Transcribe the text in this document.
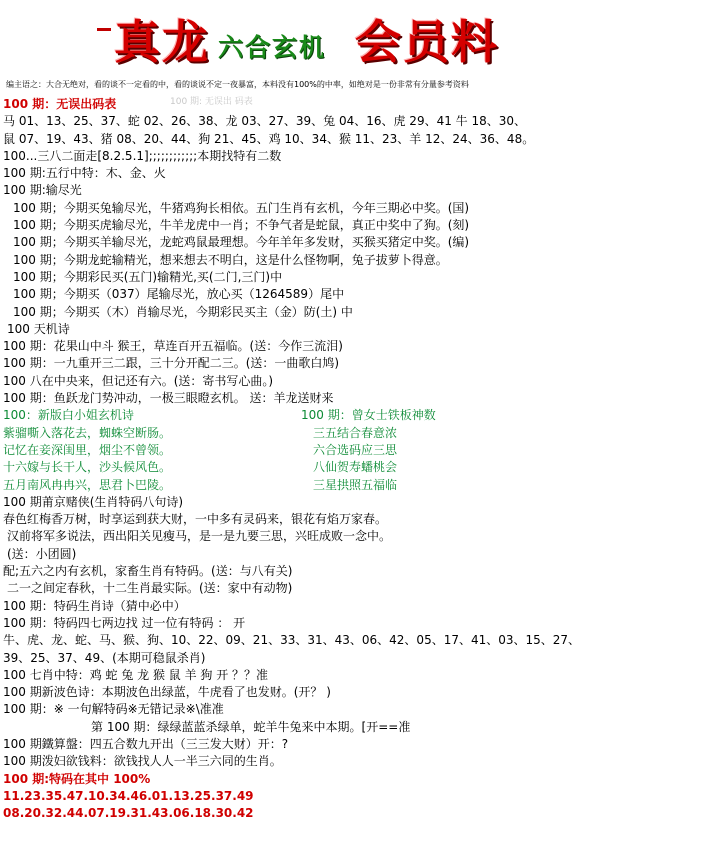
真龙 六合玄机 会员料
编主语之：大合无绝对，看的谈不一定看的中，看的谈说不定一夜暴富，本料没有100%的中率，如绝对是一份非常有分量参考资料
100 期: 无误出 码表
100 期：无误出码表
马 01、13、25、37、蛇 02、26、38、龙 03、27、39、兔 04、16、虎 29、41 牛 18、30、
鼠 07、19、43、猪 08、20、44、狗 21、45、鸡 10、34、猴 11、23、羊 12、24、36、48。
100...三八二面走[8.2.5.1];;;;;;;;;;;;本期找特有二数
100 期:五行中特：木、金、火
100 期:输尽光
100 期；今期买兔输尽光，牛猪鸡狗长相依。五门生肖有玄机，今年三期必中奖。(国)
100 期；今期买虎输尽光，牛羊龙虎中一肖；不争气者是蛇鼠，真正中奖中了狗。(刻)
100 期；今期买羊输尽光，龙蛇鸡鼠最理想。今年羊年多发财，买猴买猪定中奖。(编)
100 期；今期龙蛇输精光，想来想去不明白，这是什么怪物啊，兔子拔萝卜得意。
100 期；今期彩民买(五门)输精光,买(二门,三门)中
100 期；今期买（037）尾输尽光，放心买（1264589）尾中
100 期；今期买（木）肖输尽光，今期彩民买主（金）防(土) 中
100 天机诗
100 期：花果山中斗 猴王，草连百开五福临。(送：今作三流泪)
100 期：一九重开三二跟，三十分开配二三。(送：一曲歌白鸠)
100 八在中央来，但记还有六。(送：寄书写心曲。)
100 期：鱼跃龙门势冲动，一极三眼瞪玄机。 送：羊龙送财来
100：新版白小姐玄机诗	100 期：曾女士铁板神数
紫骝嘶入落花去，蜘蛛空断肠。	三五结合春意浓
记忆在妾深闺里，烟尘不曾领。	六合选码应三思
十六嫁与长干人，沙头候风色。	八仙贺寿蟠桃会
五月南风冉冉兴，思君卜巴陵。	三星拱照五福临
100 期莆京赌侠(生肖特码八句诗)
春色红梅香万树，时享运到获大财，一中多有灵码来，银花有焰万家春。
汉前将军多说法，西出阳关见瘦马，是一是九要三思，兴旺成败一念中。
(送：小团圆)
配;五六之内有玄机，家畜生肖有特码。(送：与八有关)
二一之间定春秋，十二生肖最实际。(送：家中有动物)
100 期：特码生肖诗（猜中必中）
100 期：特码四七两边找 过一位有特码 ： 开
牛、虎、龙、蛇、马、猴、狗、10、22、09、21、33、31、43、06、42、05、17、41、03、15、27、
39、25、37、49、(本期可稳鼠杀肖)
100 七肖中特：鸡 蛇 兔 龙 猴 鼠 羊 狗 开 ？？准
100 期新波色诗：本期波色出绿蓝，牛虎看了也发财。(开？ )
100 期：※ 一句解特码※无错记录※\准准
第 100 期：绿绿蓝蓝杀绿单，蛇羊牛兔来中本期。[开==准
100 期鐵算盤：四五合数九开出（三三发大财）开：?
100 期泼妇欲钱料：欲钱找人人一半三六同的生肖。
100 期:特码在其中 100%
11.23.35.47.10.34.46.01.13.25.37.49
08.20.32.44.07.19.31.43.06.18.30.42
